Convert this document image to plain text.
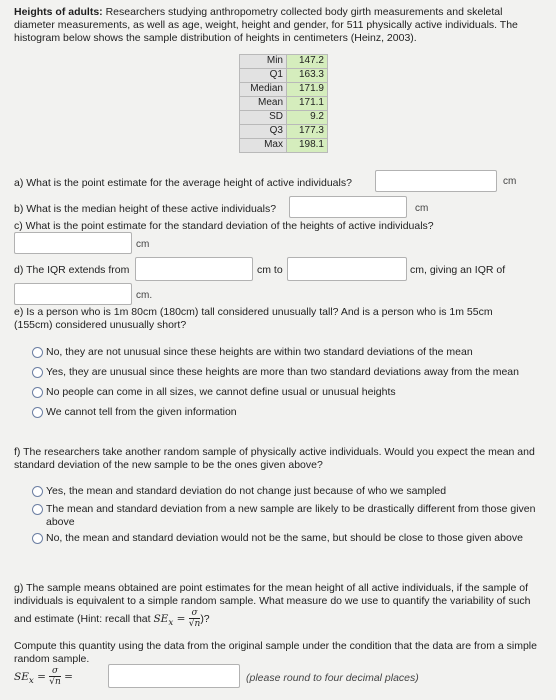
Heights of adults: Researchers studying anthropometry collected body girth measurements and skeletal diameter measurements, as well as age, weight, height and gender, for 511 physically active individuals. The histogram below shows the sample distribution of heights in centimeters (Heinz, 2003).
Min	147.2
Q1	163.3
Median	171.9
Mean	171.1
SD	9.2
Q3	177.3
Max	198.1
a) What is the point estimate for the average height of active individuals?	cm
b) What is the median height of these active individuals?	cm
c) What is the point estimate for the standard deviation of the heights of active individuals?
cm
d) The IQR extends from	cm to	cm, giving an IQR of
cm.
e) Is a person who is 1m 80cm (180cm) tall considered unusually tall? And is a person who is 1m 55cm (155cm) considered unusually short?
No, they are not unusual since these heights are within two standard deviations of the mean
Yes, they are unusual since these heights are more than two standard deviations away from the mean
No people can come in all sizes, we cannot define usual or unusual heights
We cannot tell from the given information
f) The researchers take another random sample of physically active individuals. Would you expect the mean and standard deviation of the new sample to be the ones given above?
Yes, the mean and standard deviation do not change just because of who we sampled
The mean and standard deviation from a new sample are likely to be drastically different from those given above
No, the mean and standard deviation would not be the same, but should be close to those given above
g) The sample means obtained are point estimates for the mean height of all active individuals, if the sample of individuals is equivalent to a simple random sample. What measure do we use to quantify the variability of such and estimate (Hint: recall that $SE_x = \frac{\sigma}{√n}$ )?
Compute this quantity using the data from the original sample under the condition that the data are from a simple random sample.
$SE_x = \frac{\sigma}{√n}$ =	(please round to four decimal places)
